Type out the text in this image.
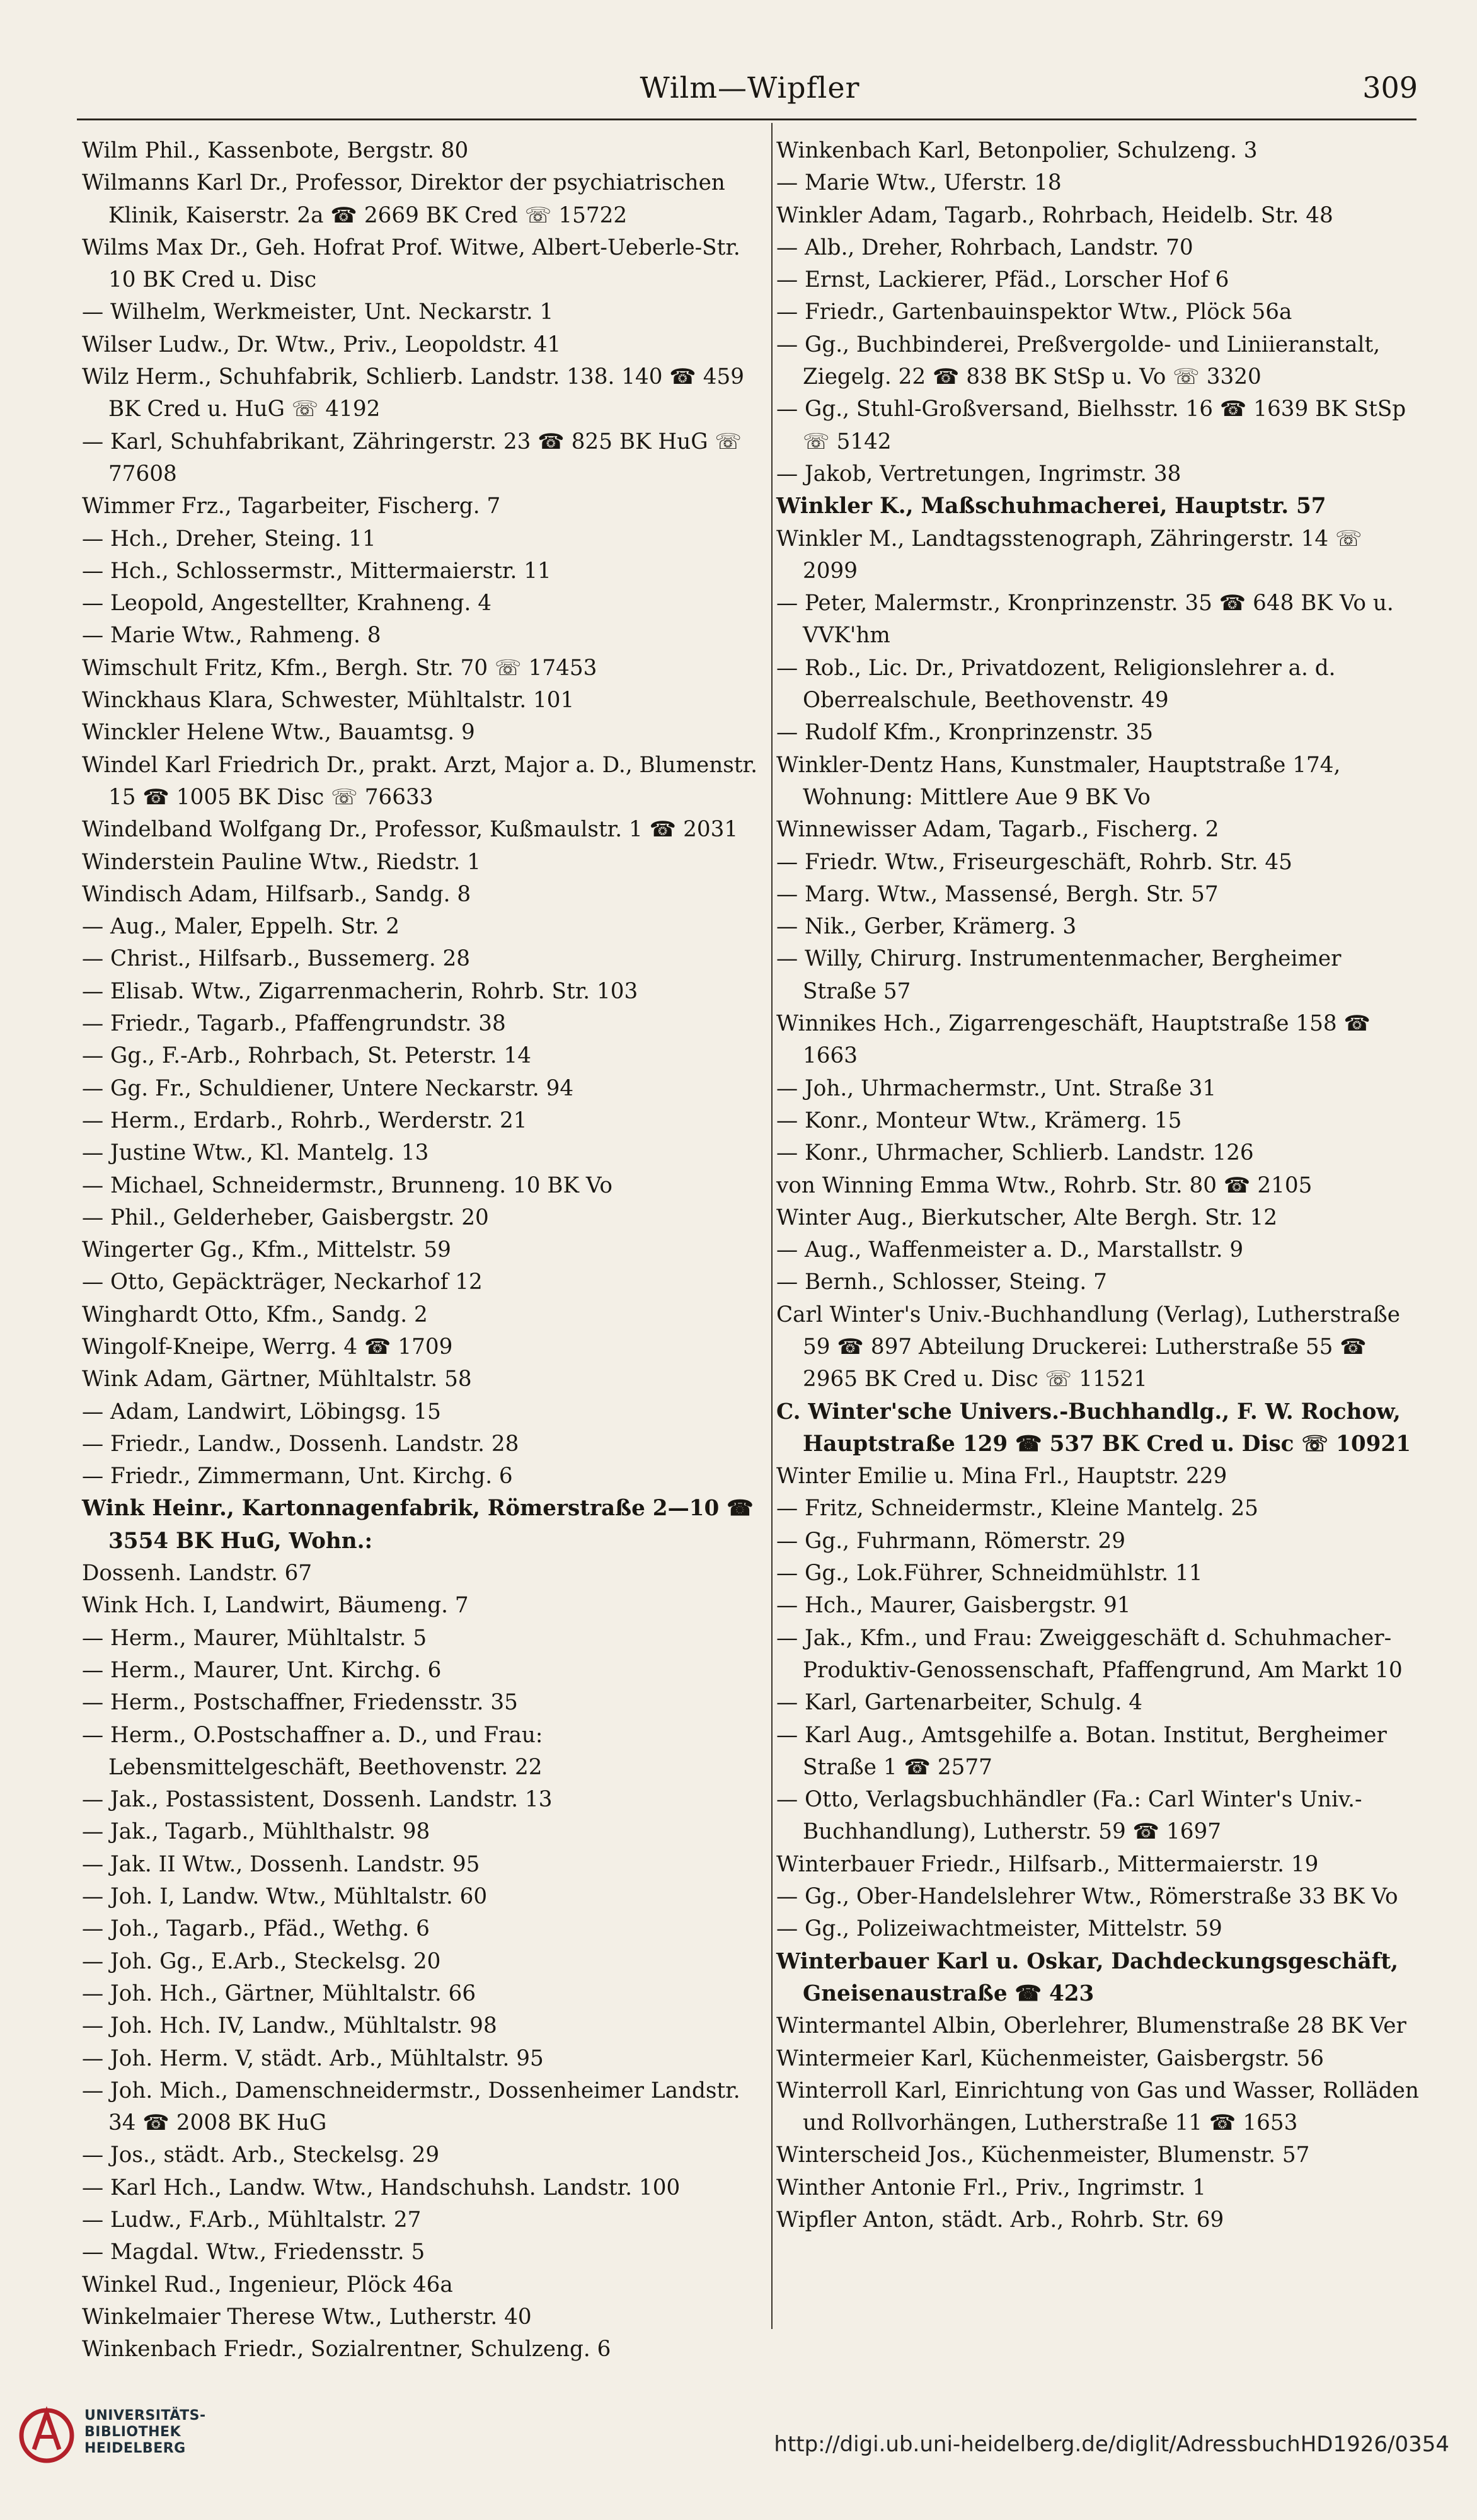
Wilm—Wipfler	309
Wilm Phil., Kassenbote, Bergstr. 80
Wilmanns Karl Dr., Professor, Direktor der psychiatrischen Klinik, Kaiserstr. 2a ☎ 2669 BK Cred ☏ 15722
Wilms Max Dr., Geh. Hofrat Prof. Witwe, Albert-Ueberle-Str. 10 BK Cred u. Disc
— Wilhelm, Werkmeister, Unt. Neckarstr. 1
Wilser Ludw., Dr. Wtw., Priv., Leopoldstr. 41
Wilz Herm., Schuhfabrik, Schlierb. Landstr. 138. 140 ☎ 459 BK Cred u. HuG ☏ 4192
— Karl, Schuhfabrikant, Zähringerstr. 23 ☎ 825 BK HuG ☏ 77608
Wimmer Frz., Tagarbeiter, Fischerg. 7
— Hch., Dreher, Steing. 11
— Hch., Schlossermstr., Mittermaierstr. 11
— Leopold, Angestellter, Krahneng. 4
— Marie Wtw., Rahmeng. 8
Wimschult Fritz, Kfm., Bergh. Str. 70 ☏ 17453
Winckhaus Klara, Schwester, Mühltalstr. 101
Winckler Helene Wtw., Bauamtsg. 9
Windel Karl Friedrich Dr., prakt. Arzt, Major a. D., Blumenstr. 15 ☎ 1005 BK Disc ☏ 76633
Windelband Wolfgang Dr., Professor, Kußmaulstr. 1 ☎ 2031
Winderstein Pauline Wtw., Riedstr. 1
Windisch Adam, Hilfsarb., Sandg. 8
— Aug., Maler, Eppelh. Str. 2
— Christ., Hilfsarb., Bussemerg. 28
— Elisab. Wtw., Zigarrenmacherin, Rohrb. Str. 103
— Friedr., Tagarb., Pfaffengrundstr. 38
— Gg., F.-Arb., Rohrbach, St. Peterstr. 14
— Gg. Fr., Schuldiener, Untere Neckarstr. 94
— Herm., Erdarb., Rohrb., Werderstr. 21
— Justine Wtw., Kl. Mantelg. 13
— Michael, Schneidermstr., Brunneng. 10 BK Vo
— Phil., Gelderheber, Gaisbergstr. 20
Wingerter Gg., Kfm., Mittelstr. 59
— Otto, Gepäckträger, Neckarhof 12
Winghardt Otto, Kfm., Sandg. 2
Wingolf-Kneipe, Werrg. 4 ☎ 1709
Wink Adam, Gärtner, Mühltalstr. 58
— Adam, Landwirt, Löbingsg. 15
— Friedr., Landw., Dossenh. Landstr. 28
— Friedr., Zimmermann, Unt. Kirchg. 6
Wink Heinr., Kartonnagenfabrik, Römerstraße 2—10 ☎ 3554 BK HuG, Wohn.:
Dossenh. Landstr. 67
Wink Hch. I, Landwirt, Bäumeng. 7
— Herm., Maurer, Mühltalstr. 5
— Herm., Maurer, Unt. Kirchg. 6
— Herm., Postschaffner, Friedensstr. 35
— Herm., O.Postschaffner a. D., und Frau: Lebensmittelgeschäft, Beethovenstr. 22
— Jak., Postassistent, Dossenh. Landstr. 13
— Jak., Tagarb., Mühlthalstr. 98
— Jak. II Wtw., Dossenh. Landstr. 95
— Joh. I, Landw. Wtw., Mühltalstr. 60
— Joh., Tagarb., Pfäd., Wethg. 6
— Joh. Gg., E.Arb., Steckelsg. 20
— Joh. Hch., Gärtner, Mühltalstr. 66
— Joh. Hch. IV, Landw., Mühltalstr. 98
— Joh. Herm. V, städt. Arb., Mühltalstr. 95
— Joh. Mich., Damenschneidermstr., Dossenheimer Landstr. 34 ☎ 2008 BK HuG
— Jos., städt. Arb., Steckelsg. 29
— Karl Hch., Landw. Wtw., Handschuhsh. Landstr. 100
— Ludw., F.Arb., Mühltalstr. 27
— Magdal. Wtw., Friedensstr. 5
Winkel Rud., Ingenieur, Plöck 46a
Winkelmaier Therese Wtw., Lutherstr. 40
Winkenbach Friedr., Sozialrentner, Schulzeng. 6
Winkenbach Karl, Betonpolier, Schulzeng. 3
— Marie Wtw., Uferstr. 18
Winkler Adam, Tagarb., Rohrbach, Heidelb. Str. 48
— Alb., Dreher, Rohrbach, Landstr. 70
— Ernst, Lackierer, Pfäd., Lorscher Hof 6
— Friedr., Gartenbauinspektor Wtw., Plöck 56a
— Gg., Buchbinderei, Preßvergolde- und Liniieranstalt, Ziegelg. 22 ☎ 838 BK StSp u. Vo ☏ 3320
— Gg., Stuhl-Großversand, Bielhsstr. 16 ☎ 1639 BK StSp ☏ 5142
— Jakob, Vertretungen, Ingrimstr. 38
Winkler K., Maßschuhmacherei, Hauptstr. 57
Winkler M., Landtagsstenograph, Zähringerstr. 14 ☏ 2099
— Peter, Malermstr., Kronprinzenstr. 35 ☎ 648 BK Vo u. VVK'hm
— Rob., Lic. Dr., Privatdozent, Religionslehrer a. d. Oberrealschule, Beethovenstr. 49
— Rudolf Kfm., Kronprinzenstr. 35
Winkler-Dentz Hans, Kunstmaler, Hauptstraße 174, Wohnung: Mittlere Aue 9 BK Vo
Winnewisser Adam, Tagarb., Fischerg. 2
— Friedr. Wtw., Friseurgeschäft, Rohrb. Str. 45
— Marg. Wtw., Massensé, Bergh. Str. 57
— Nik., Gerber, Krämerg. 3
— Willy, Chirurg. Instrumentenmacher, Bergheimer Straße 57
Winnikes Hch., Zigarrengeschäft, Hauptstraße 158 ☎ 1663
— Joh., Uhrmachermstr., Unt. Straße 31
— Konr., Monteur Wtw., Krämerg. 15
— Konr., Uhrmacher, Schlierb. Landstr. 126
von Winning Emma Wtw., Rohrb. Str. 80 ☎ 2105
Winter Aug., Bierkutscher, Alte Bergh. Str. 12
— Aug., Waffenmeister a. D., Marstallstr. 9
— Bernh., Schlosser, Steing. 7
Carl Winter's Univ.-Buchhandlung (Verlag), Lutherstraße 59 ☎ 897 Abteilung Druckerei: Lutherstraße 55 ☎ 2965 BK Cred u. Disc ☏ 11521
C. Winter'sche Univers.-Buchhandlg., F. W. Rochow, Hauptstraße 129 ☎ 537 BK Cred u. Disc ☏ 10921
Winter Emilie u. Mina Frl., Hauptstr. 229
— Fritz, Schneidermstr., Kleine Mantelg. 25
— Gg., Fuhrmann, Römerstr. 29
— Gg., Lok.Führer, Schneidmühlstr. 11
— Hch., Maurer, Gaisbergstr. 91
— Jak., Kfm., und Frau: Zweiggeschäft d. Schuhmacher-Produktiv-Genossenschaft, Pfaffengrund, Am Markt 10
— Karl, Gartenarbeiter, Schulg. 4
— Karl Aug., Amtsgehilfe a. Botan. Institut, Bergheimer Straße 1 ☎ 2577
— Otto, Verlagsbuchhändler (Fa.: Carl Winter's Univ.-Buchhandlung), Lutherstr. 59 ☎ 1697
Winterbauer Friedr., Hilfsarb., Mittermaierstr. 19
— Gg., Ober-Handelslehrer Wtw., Römerstraße 33 BK Vo
— Gg., Polizeiwachtmeister, Mittelstr. 59
Winterbauer Karl u. Oskar, Dachdeckungsgeschäft, Gneisenaustraße ☎ 423
Wintermantel Albin, Oberlehrer, Blumenstraße 28 BK Ver
Wintermeier Karl, Küchenmeister, Gaisbergstr. 56
Winterroll Karl, Einrichtung von Gas und Wasser, Rolläden und Rollvorhängen, Lutherstraße 11 ☎ 1653
Winterscheid Jos., Küchenmeister, Blumenstr. 57
Winther Antonie Frl., Priv., Ingrimstr. 1
Wipfler Anton, städt. Arb., Rohrb. Str. 69
UNIVERSITÄTS-
BIBLIOTHEK
HEIDELBERG	http://digi.ub.uni-heidelberg.de/diglit/AdressbuchHD1926/0354
